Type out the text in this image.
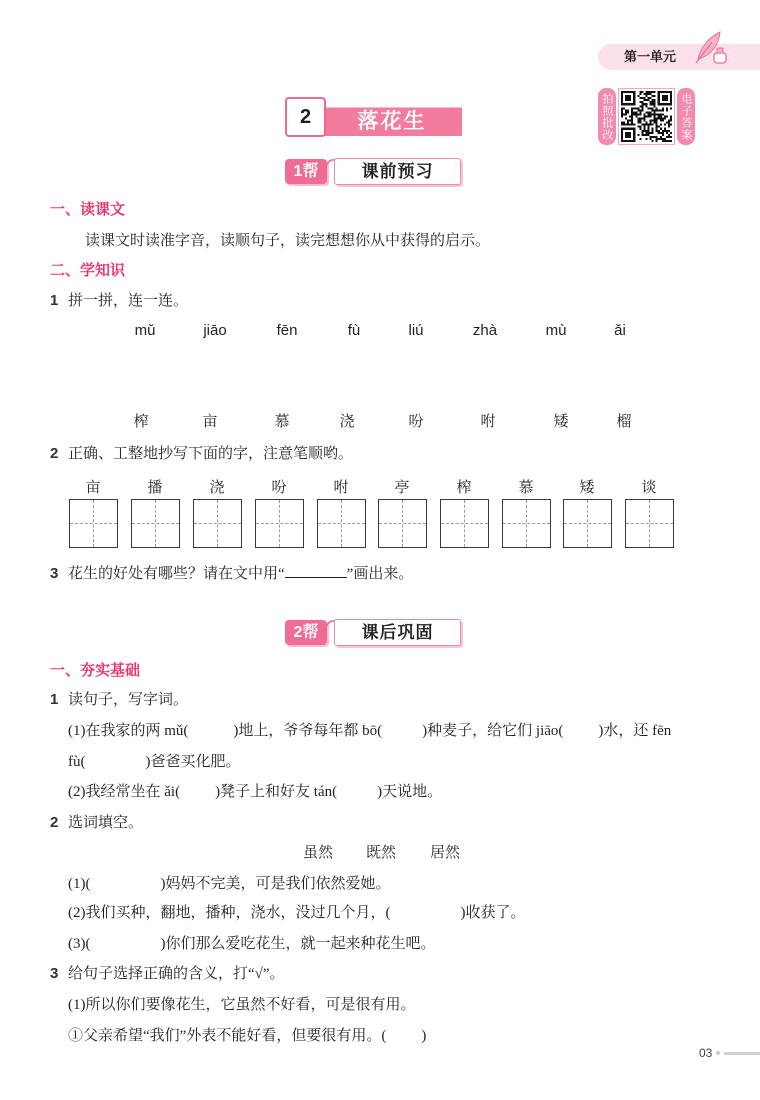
第一单元
落花生
2	拍照批改	电子答案
1帮	课前预习
一、读课文
读课文时读准字音，读顺句子，读完想想你从中获得的启示。
二、学知识
1 拼一拼，连一连。
mǔ	jiāo	fēn	fù	liú	zhà	mù	ǎi
榨	亩	慕	浇	吩	咐	矮	榴
2 正确、工整地抄写下面的字，注意笔顺哟。
亩	播	浇	吩	咐	亭	榨	慕	矮	谈
3 花生的好处有哪些？请在文中用“	”画出来。
2帮	课后巩固
一、夯实基础
1 读句子，写字词。
(1)在我家的两 mǔ(	)地上，爷爷每年都 bō(	)种麦子，给它们 jiāo( )水，还 fēn
fù(	)爸爸买化肥。
(2)我经常坐在 ǎi( )凳子上和好友 tán(	)天说地。
2 选词填空。
虽然 既然 居然
(1)(	)妈妈不完美，可是我们依然爱她。
(2)我们买种，翻地，播种，浇水，没过几个月，(	)收获了。
(3)(	)你们那么爱吃花生，就一起来种花生吧。
3 给句子选择正确的含义，打“√”。
(1)所以你们要像花生，它虽然不好看，可是很有用。
①父亲希望“我们”外表不能好看，但要很有用。( )
03
